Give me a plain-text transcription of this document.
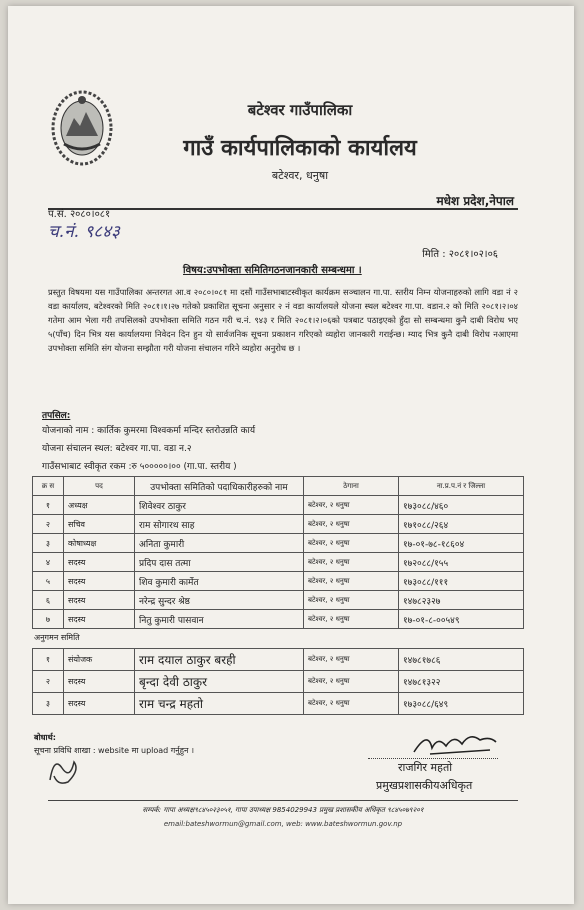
बटेश्वर गाउँपालिका
गाउँ कार्यपालिकाको कार्यालय
बटेश्वर, धनुषा
मधेश प्रदेश,नेपाल
प.सं. २०८०।०८१
च.नं. ९८४३
मिति : २०८१।०२।०६
विषय:उपभोक्ता समितिगठनजानकारी सम्बन्धमा ।
प्रस्तुत विषयमा यस गाउँपालिका अन्तरगत आ.व २०८०।०८१ मा दसौं गाउँसभाबाटस्वीकृत कार्यक्रम सञ्चालन गा.पा. स्तरीय निम्न योजनाहरुको लागि वडा नं २ वडा कार्यालय, बटेश्वरको मिति २०८१।१।२७ गतेको प्रकाशित सूचना अनुसार २ नं वडा कार्यालयले योजना स्थल बटेश्वर गा.पा. वडान.२ को मिति २०८१।२।०४ गतेमा आम भेला गरी तपसिलको उपभोक्ता समिति गठन गरी च.नं. ९४३ र मिति २०८१।२।०६को पत्रबाट पठाइएको हुँदा सो सम्बन्धमा कुनै दाबी विरोध भए ५(पाँच) दिन भित्र यस कार्यालयमा निवेदन दिन हुन यो सार्वजनिक सूचना प्रकाशन गरिएको व्यहोरा जानकारी गराईन्छ। म्याद भित्र कुनै दाबी विरोध नआएमा उपभोक्ता समिति संग योजना सम्झौता गरी योजना संचालन गरिने व्यहोरा अनुरोध छ ।
तपसिल:
योजनाको नाम : कार्तिक कुमरमा विश्वकर्मा मन्दिर स्तरोउन्नति कार्य
योजना संचालन स्थल: बटेश्वर गा.पा. वडा न.२
गाउँसभाबाट स्वीकृत रकम :रु ५०००००।०० (गा.पा. स्तरीय )
क्र स	पद	उपभोक्ता समितिको पदाधिकारीहरुको नाम	ठेगाना	ना.प्र.प.नं र जिल्ला
१	अध्यक्ष	शिवेश्वर ठाकुर	बटेश्वर, २ धनुषा	१७३०८८/४६०
२	सचिव	राम सोगारथ साह	बटेश्वर, २ धनुषा	१७१०८८/२६४
३	कोषाध्यक्ष	अनिता कुमारी	बटेश्वर, २ धनुषा	१७-०१-७८-१८६०४
४	सदस्य	प्रदिप दास तत्मा	बटेश्वर, २ धनुषा	१७२०८८/१५५
५	सदस्य	शिव कुमारी कार्मेत	बटेश्वर, २ धनुषा	१७३०८८/१११
६	सदस्य	नरेन्द्र सुन्दर श्रेष्ठ	बटेश्वर, २ धनुषा	१४७८२३२७
७	सदस्य	नितु कुमारी पासवान	बटेश्वर, २ धनुषा	१७-०१-८-००५४९
अनुगमन समिति
१	संयोजक	राम दयाल ठाकुर बरही	बटेश्वर, २ धनुषा	१४७८१७८६
२	सदस्य	बृन्दा देवी ठाकुर	बटेश्वर, २ धनुषा	१४७८१३२२
३	सदस्य	राम चन्द्र महतो	बटेश्वर, २ धनुषा	१७३०८८/६४९
बोधार्थ:
सूचना प्रविधि शाखा : website मा upload गर्नुहुन ।
राजगिर महतो
प्रमुखप्रशासकीयअधिकृत
सम्पर्क: गापा अध्यक्ष९८४५०२३०५१, गापा उपाध्यक्ष 9854029943 प्रमुख प्रशासकीय अधिकृत ९८४५०७९२०१
email:bateshwormun@gmail.com, web: www.bateshwormun.gov.np
